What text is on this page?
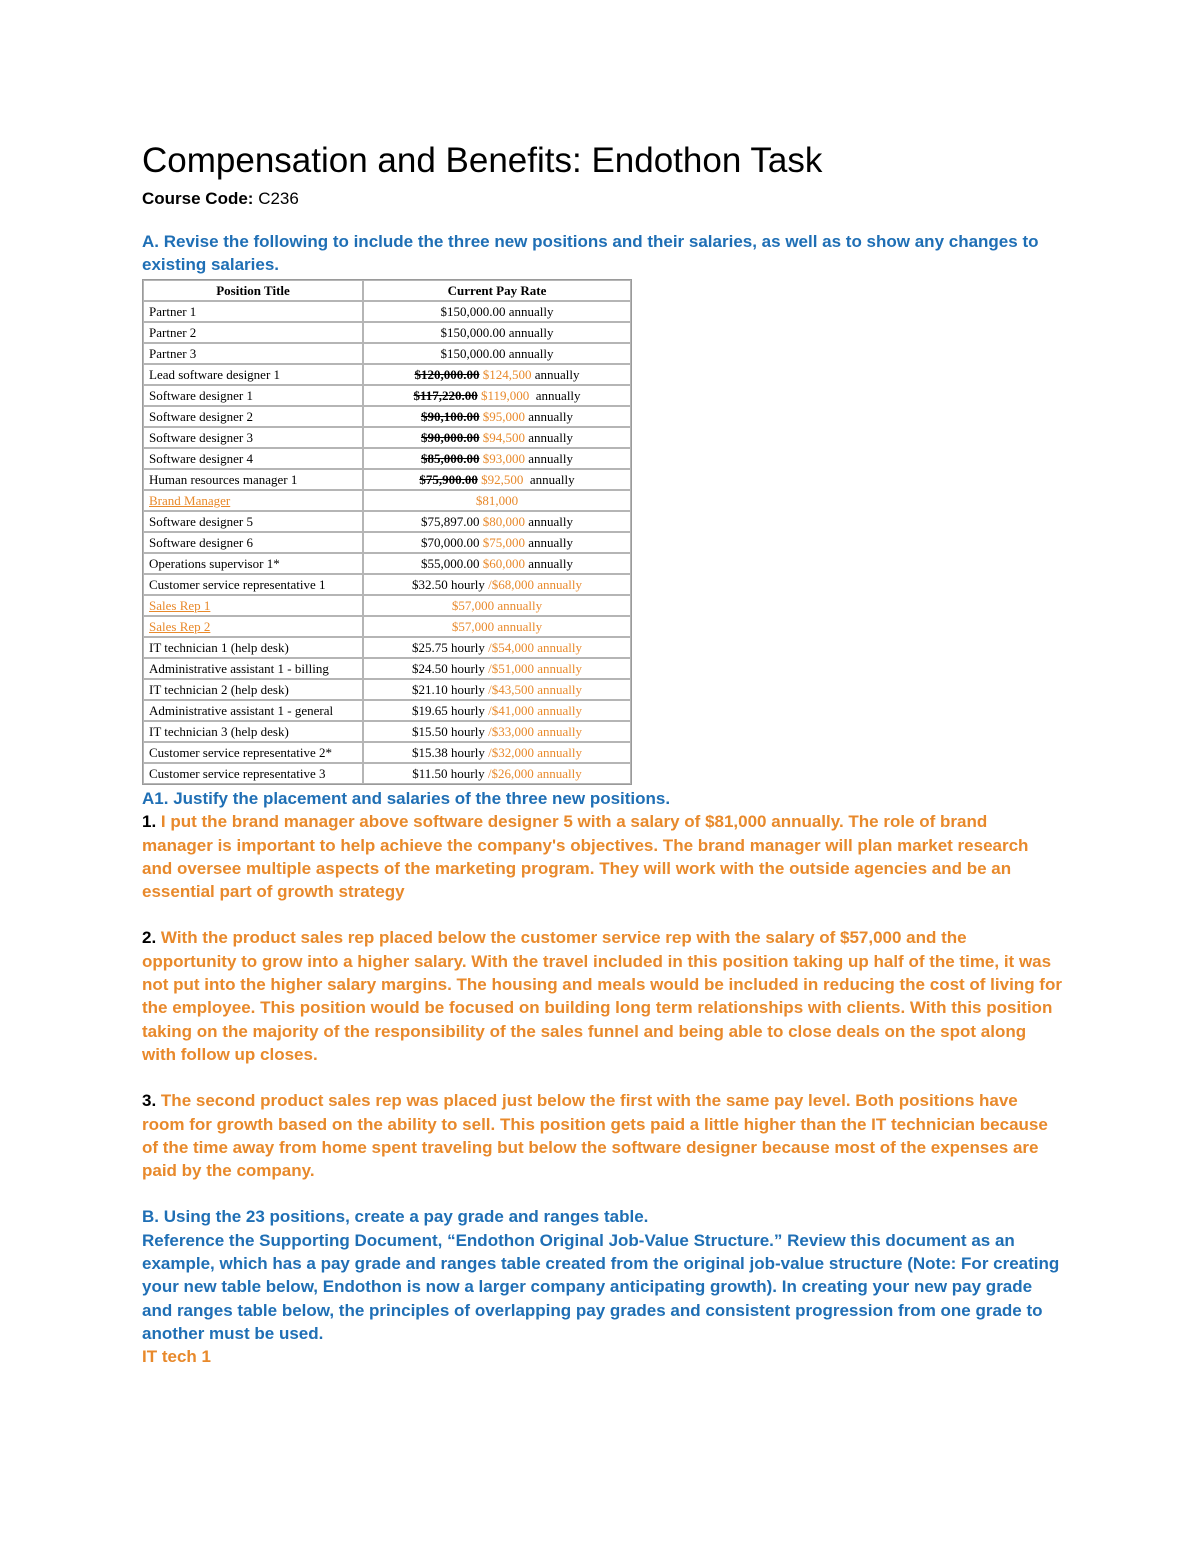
Compensation and Benefits: Endothon Task
Course Code: C236
A. Revise the following to include the three new positions and their salaries, as well as to show any changes to existing salaries.
Position Title	Current Pay Rate
Partner 1	$150,000.00 annually
Partner 2	$150,000.00 annually
Partner 3	$150,000.00 annually
Lead software designer 1	$120,000.00 $124,500 annually
Software designer 1	$117,220.00 $119,000  annually
Software designer 2	$90,100.00 $95,000 annually
Software designer 3	$90,000.00 $94,500 annually
Software designer 4	$85,000.00 $93,000 annually
Human resources manager 1	$75,900.00 $92,500  annually
Brand Manager	$81,000
Software designer 5	$75,897.00 $80,000 annually
Software designer 6	$70,000.00 $75,000 annually
Operations supervisor 1*	$55,000.00 $60,000 annually
Customer service representative 1	$32.50 hourly /$68,000 annually
Sales Rep 1	$57,000 annually
Sales Rep 2	$57,000 annually
IT technician 1 (help desk)	$25.75 hourly /$54,000 annually
Administrative assistant 1 - billing	$24.50 hourly /$51,000 annually
IT technician 2 (help desk)	$21.10 hourly /$43,500 annually
Administrative assistant 1 - general	$19.65 hourly /$41,000 annually
IT technician 3 (help desk)	$15.50 hourly /$33,000 annually
Customer service representative 2*	$15.38 hourly /$32,000 annually
Customer service representative 3	$11.50 hourly /$26,000 annually

A1. Justify the placement and salaries of the three new positions.

1. I put the brand manager above software designer 5 with a salary of $81,000 annually. The role of brand manager is important to help achieve the company's objectives. The brand manager will plan market research and oversee multiple aspects of the marketing program. They will work with the outside agencies and be an essential part of growth strategy

2. With the product sales rep placed below the customer service rep with the salary of $57,000 and the opportunity to grow into a higher salary. With the travel included in this position taking up half of the time, it was not put into the higher salary margins. The housing and meals would be included in reducing the cost of living for the employee. This position would be focused on building long term relationships with clients. With this position taking on the majority of the responsibility of the sales funnel and being able to close deals on the spot along with follow up closes.

3. The second product sales rep was placed just below the first with the same pay level. Both positions have room for growth based on the ability to sell. This position gets paid a little higher than the IT technician because of the time away from home spent traveling but below the software designer because most of the expenses are paid by the company.

B. Using the 23 positions, create a pay grade and ranges table.

Reference the Supporting Document, “Endothon Original Job-Value Structure.” Review this document as an example, which has a pay grade and ranges table created from the original job-value structure (Note: For creating your new table below, Endothon is now a larger company anticipating growth). In creating your new pay grade and ranges table below, the principles of overlapping pay grades and consistent progression from one grade to another must be used.

IT tech 1
